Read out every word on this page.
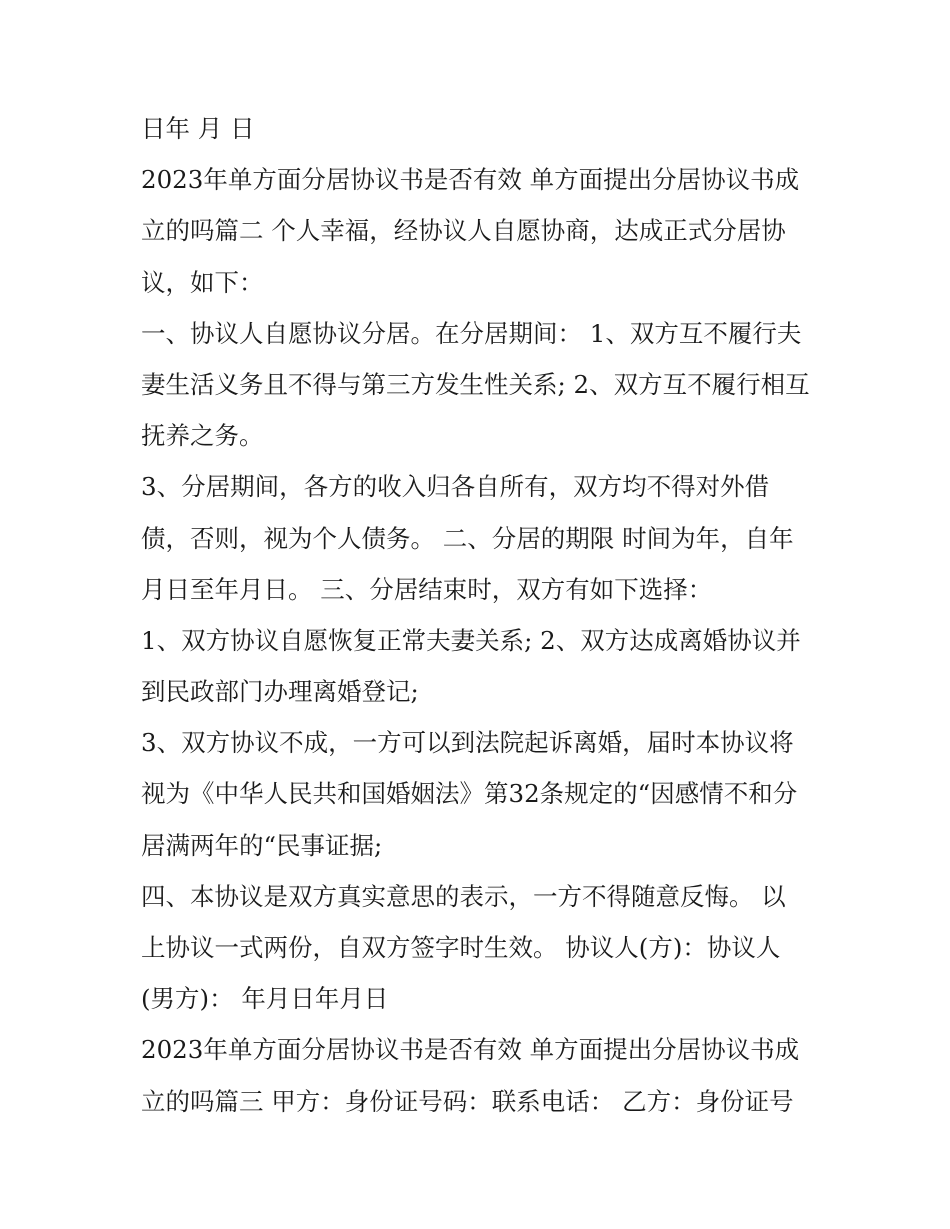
日年 月 日
2023年单方面分居协议书是否有效 单方面提出分居协议书成
立的吗篇二 个人幸福，经协议人自愿协商，达成正式分居协
议，如下：
一、协议人自愿协议分居。在分居期间： 1、双方互不履行夫
妻生活义务且不得与第三方发生性关系; 2、双方互不履行相互
抚养之务。
3、分居期间，各方的收入归各自所有，双方均不得对外借
债，否则，视为个人债务。 二、分居的期限 时间为年，自年
月日至年月日。 三、分居结束时，双方有如下选择：
1、双方协议自愿恢复正常夫妻关系; 2、双方达成离婚协议并
到民政部门办理离婚登记;
3、双方协议不成，一方可以到法院起诉离婚，届时本协议将
视为《中华人民共和国婚姻法》第32条规定的“因感情不和分
居满两年的“民事证据;
四、本协议是双方真实意思的表示，一方不得随意反悔。 以
上协议一式两份，自双方签字时生效。 协议人(方)：协议人
(男方)： 年月日年月日
2023年单方面分居协议书是否有效 单方面提出分居协议书成
立的吗篇三 甲方：身份证号码：联系电话： 乙方：身份证号
